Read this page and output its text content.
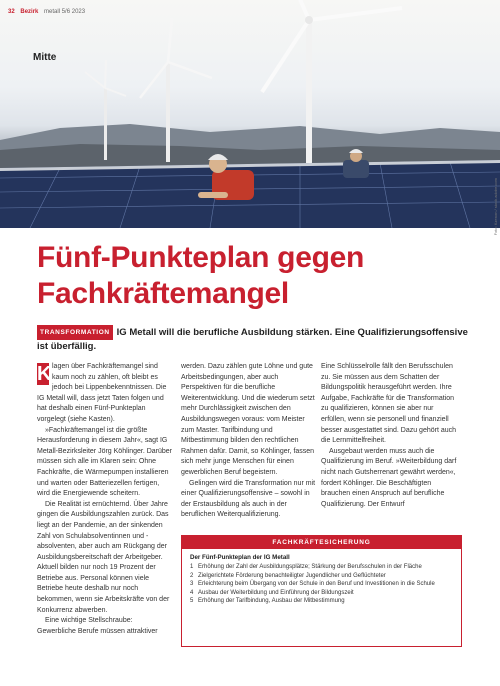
32 Bezirk metall 5/6 2023
Mitte
Foto: Kzenon / stock.adobe.com
Fünf-Punkteplan gegen
Fachkräftemangel
TRANSFORMATION IG Metall will die berufliche Ausbildung stärken. Eine Qualifizierungsoffensive ist überfällig.

K lagen über Fachkräftemangel sind kaum noch zu zählen, oft bleibt es jedoch bei Lippenbekenntnissen. Die IG Metall will, dass jetzt Taten folgen und hat deshalb einen Fünf-Punkteplan vorgelegt (siehe Kasten).

»Fachkräftemangel ist die größte Herausforderung in diesem Jahr«, sagt IG Metall-Bezirksleiter Jörg Köhlinger. Darüber müssen sich alle im Klaren sein: Ohne Fachkräfte, die Wärmepumpen installieren und warten oder Batteriezellen fertigen, wird die Energiewende scheitern.

Die Realität ist ernüchternd. Über Jahre gingen die Ausbildungszahlen zurück. Das liegt an der Pandemie, an der sinkenden Zahl von Schulabsolventinnen und -absolventen, aber auch am Rückgang der Ausbildungsbereitschaft der Arbeitgeber. Aktuell bilden nur noch 19 Prozent der Betriebe aus. Personal können viele Betriebe heute deshalb nur noch bekommen, wenn sie Arbeitskräfte von der Konkurrenz abwerben.

Eine wichtige Stellschraube: Gewerbliche Berufe müssen attraktiver

werden. Dazu zählen gute Löhne und gute Arbeitsbedingungen, aber auch Perspektiven für die berufliche Weiterentwicklung. Und die wiederum setzt mehr Durchlässigkeit zwischen den Ausbildungswegen voraus: vom Meister zum Master. Tarifbindung und Mitbestimmung bilden den rechtlichen Rahmen dafür. Damit, so Köhlinger, fassen sich mehr junge Menschen für einen gewerblichen Beruf begeistern.

Gelingen wird die Transformation nur mit einer Qualifizierungsoffensive – sowohl in der Erstausbildung als auch in der beruflichen Weiterqualifizierung.

Eine Schlüsselrolle fällt den Berufsschulen zu. Sie müssen aus dem Schatten der Bildungspolitik herausgeführt werden. Ihre Aufgabe, Fachkräfte für die Transformation zu qualifizieren, können sie aber nur erfüllen, wenn sie personell und finanziell besser ausgestattet sind. Dazu gehört auch die Lernmittelfreiheit.

Ausgebaut werden muss auch die Qualifizierung im Beruf. »Weiterbildung darf nicht nach Gutsherrenart gewährt werden«, fordert Köhlinger. Die Beschäftigten brauchen einen Anspruch auf berufliche Qualifizierung. Der Entwurf

FACHKRÄFTESICHERUNG
Der Fünf-Punkteplan der IG Metall
1 Erhöhung der Zahl der Ausbildungsplätze; Stärkung der Berufsschulen in der Fläche
2 Zielgerichtete Förderung benachteiligter Jugendlicher und Geflüchteter
3 Erleichterung beim Übergang von der Schule in den Beruf und Investitionen in die Schule
4 Ausbau der Weiterbildung und Einführung der Bildungszeit
5 Erhöhung der Tarifbindung, Ausbau der Mitbestimmung
